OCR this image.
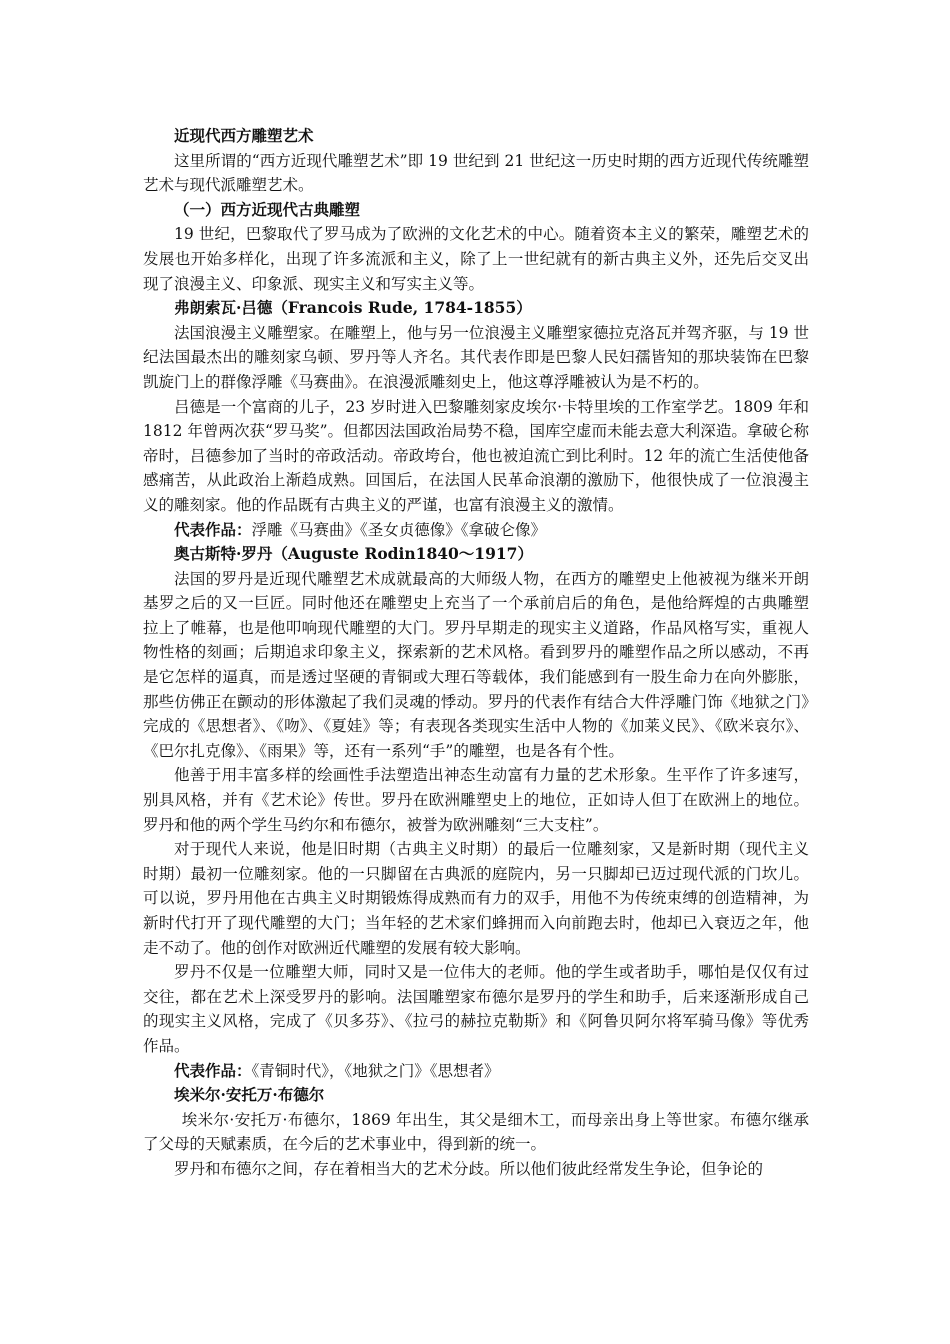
近现代西方雕塑艺术

这里所谓的“西方近现代雕塑艺术”即 19 世纪到 21 世纪这一历史时期的西方近现代传统雕塑艺术与现代派雕塑艺术。

（一）西方近现代古典雕塑

19 世纪，巴黎取代了罗马成为了欧洲的文化艺术的中心。随着资本主义的繁荣，雕塑艺术的发展也开始多样化，出现了许多流派和主义，除了上一世纪就有的新古典主义外，还先后交叉出现了浪漫主义、印象派、现实主义和写实主义等。

弗朗索瓦·吕德（Francois Rude, 1784-1855）

法国浪漫主义雕塑家。在雕塑上，他与另一位浪漫主义雕塑家德拉克洛瓦并驾齐驱，与 19 世纪法国最杰出的雕刻家乌顿、罗丹等人齐名。其代表作即是巴黎人民妇孺皆知的那块装饰在巴黎凯旋门上的群像浮雕《马赛曲》。在浪漫派雕刻史上，他这尊浮雕被认为是不朽的。

吕德是一个富商的儿子，23 岁时进入巴黎雕刻家皮埃尔·卡特里埃的工作室学艺。1809 年和 1812 年曾两次获“罗马奖”。但都因法国政治局势不稳，国库空虚而未能去意大利深造。拿破仑称帝时，吕德参加了当时的帝政活动。帝政垮台，他也被迫流亡到比利时。12 年的流亡生活使他备感痛苦，从此政治上渐趋成熟。回国后，在法国人民革命浪潮的激励下，他很快成了一位浪漫主义的雕刻家。他的作品既有古典主义的严谨，也富有浪漫主义的激情。

代表作品：浮雕《马赛曲》《圣女贞德像》《拿破仑像》

奥古斯特·罗丹（Auguste Rodin1840～1917）

法国的罗丹是近现代雕塑艺术成就最高的大师级人物，在西方的雕塑史上他被视为继米开朗基罗之后的又一巨匠。同时他还在雕塑史上充当了一个承前启后的角色，是他给辉煌的古典雕塑拉上了帷幕，也是他叩响现代雕塑的大门。罗丹早期走的现实主义道路，作品风格写实，重视人物性格的刻画；后期追求印象主义，探索新的艺术风格。看到罗丹的雕塑作品之所以感动，不再是它怎样的逼真，而是透过坚硬的青铜或大理石等载体，我们能感到有一股生命力在向外膨胀，那些仿佛正在颤动的形体激起了我们灵魂的悸动。罗丹的代表作有结合大件浮雕门饰《地狱之门》完成的《思想者》、《吻》、《夏娃》等；有表现各类现实生活中人物的《加莱义民》、《欧米哀尔》、《巴尔扎克像》、《雨果》等，还有一系列“手”的雕塑，也是各有个性。

他善于用丰富多样的绘画性手法塑造出神态生动富有力量的艺术形象。生平作了许多速写，别具风格，并有《艺术论》传世。罗丹在欧洲雕塑史上的地位，正如诗人但丁在欧洲上的地位。罗丹和他的两个学生马约尔和布德尔，被誉为欧洲雕刻“三大支柱”。

对于现代人来说，他是旧时期（古典主义时期）的最后一位雕刻家，又是新时期（现代主义时期）最初一位雕刻家。他的一只脚留在古典派的庭院内，另一只脚却已迈过现代派的门坎儿。可以说，罗丹用他在古典主义时期锻炼得成熟而有力的双手，用他不为传统束缚的创造精神，为新时代打开了现代雕塑的大门；当年轻的艺术家们蜂拥而入向前跑去时，他却已入衰迈之年，他走不动了。他的创作对欧洲近代雕塑的发展有较大影响。

罗丹不仅是一位雕塑大师，同时又是一位伟大的老师。他的学生或者助手，哪怕是仅仅有过交往，都在艺术上深受罗丹的影响。法国雕塑家布德尔是罗丹的学生和助手，后来逐渐形成自己的现实主义风格，完成了《贝多芬》、《拉弓的赫拉克勒斯》和《阿鲁贝阿尔将军骑马像》等优秀作品。

代表作品：《青铜时代》，《地狱之门》《思想者》

埃米尔·安托万·布德尔

埃米尔·安托万·布德尔，1869 年出生，其父是细木工，而母亲出身上等世家。布德尔继承了父母的天赋素质，在今后的艺术事业中，得到新的统一。

罗丹和布德尔之间，存在着相当大的艺术分歧。所以他们彼此经常发生争论，但争论的
